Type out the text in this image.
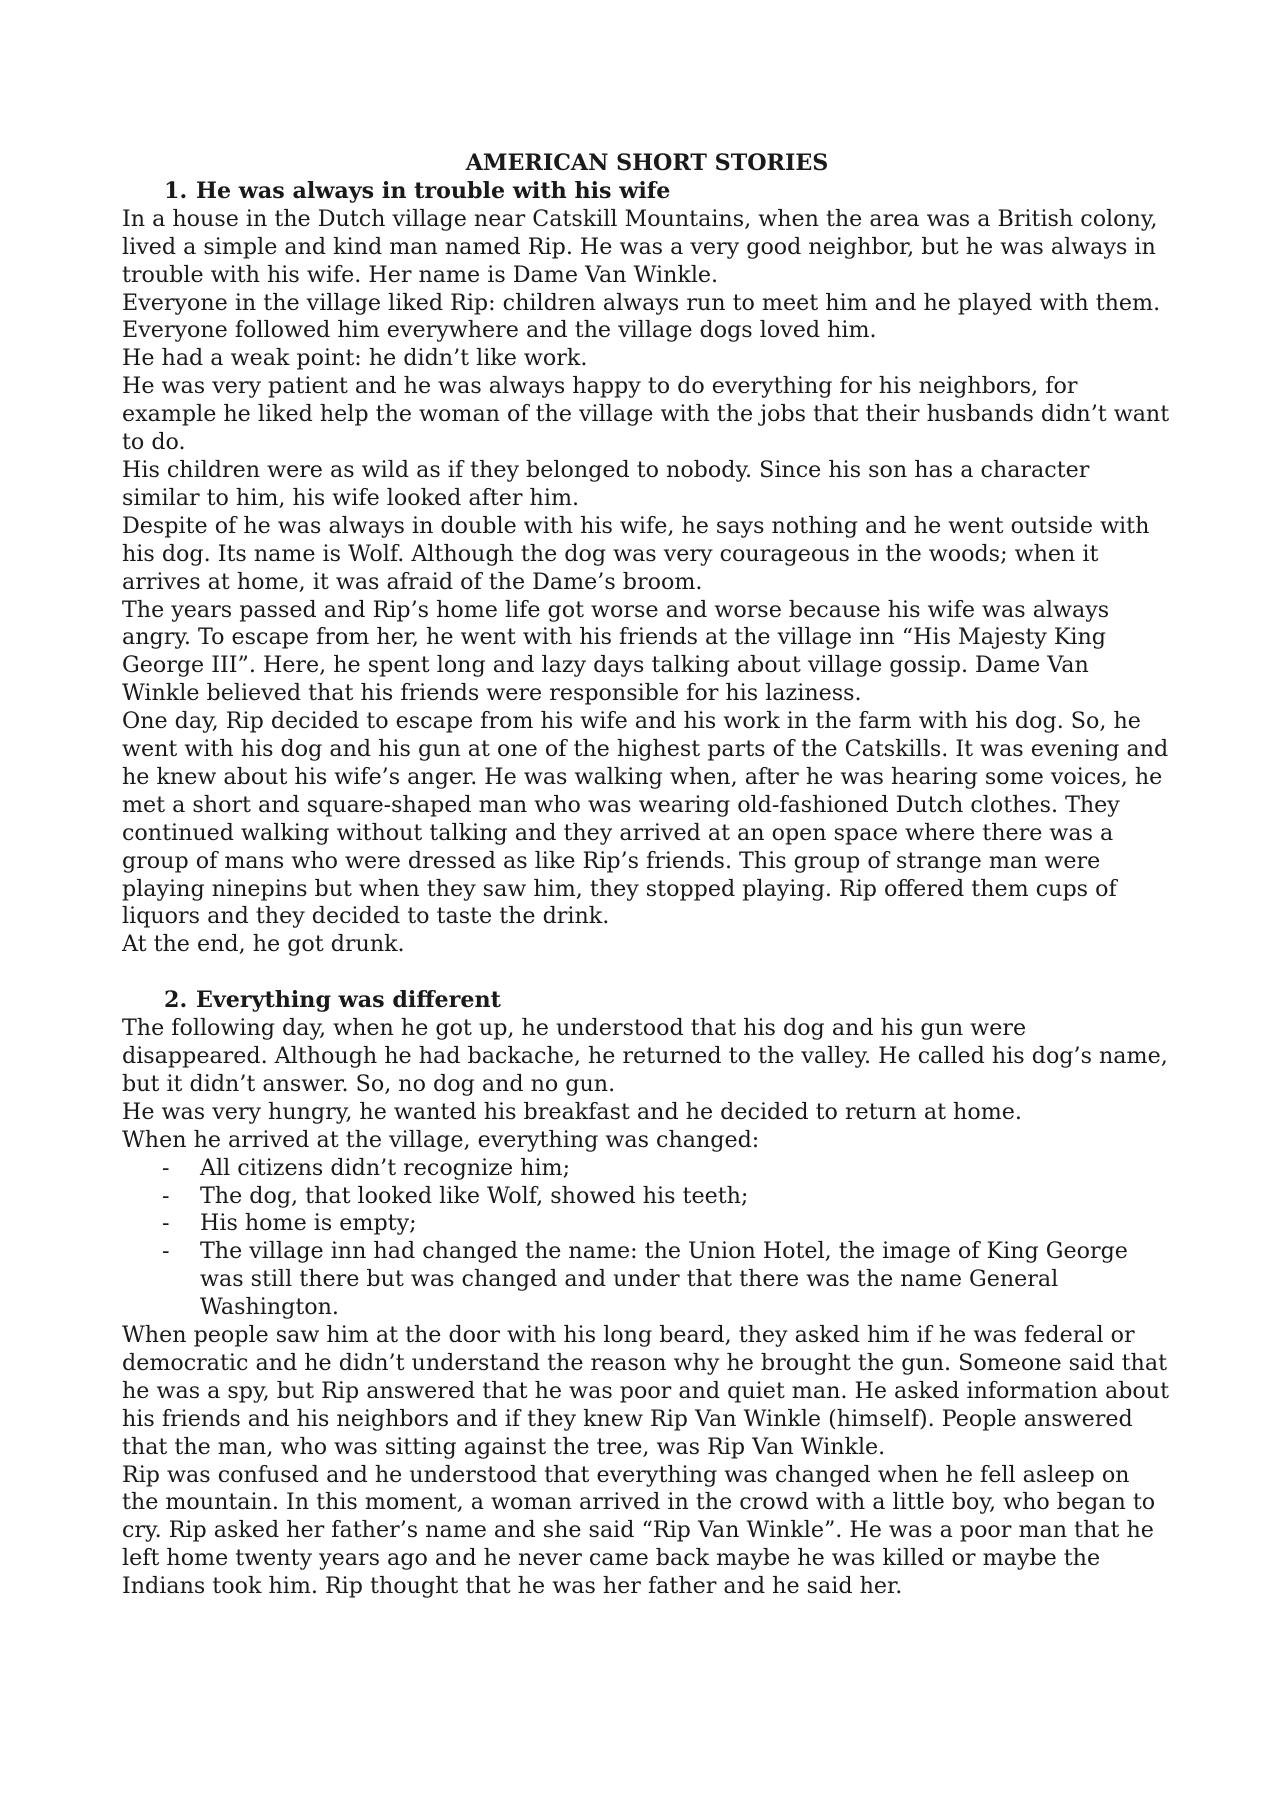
AMERICAN SHORT STORIES

1. He was always in trouble with his wife

In a house in the Dutch village near Catskill Mountains, when the area was a British colony, lived a simple and kind man named Rip. He was a very good neighbor, but he was always in trouble with his wife. Her name is Dame Van Winkle.

Everyone in the village liked Rip: children always run to meet him and he played with them. Everyone followed him everywhere and the village dogs loved him.

He had a weak point: he didn’t like work.

He was very patient and he was always happy to do everything for his neighbors, for example he liked help the woman of the village with the jobs that their husbands didn’t want to do.

His children were as wild as if they belonged to nobody. Since his son has a character similar to him, his wife looked after him.

Despite of he was always in double with his wife, he says nothing and he went outside with his dog. Its name is Wolf. Although the dog was very courageous in the woods; when it arrives at home, it was afraid of the Dame’s broom.

The years passed and Rip’s home life got worse and worse because his wife was always angry. To escape from her, he went with his friends at the village inn “His Majesty King George III”. Here, he spent long and lazy days talking about village gossip. Dame Van Winkle believed that his friends were responsible for his laziness.

One day, Rip decided to escape from his wife and his work in the farm with his dog. So, he went with his dog and his gun at one of the highest parts of the Catskills. It was evening and he knew about his wife’s anger. He was walking when, after he was hearing some voices, he met a short and square-shaped man who was wearing old-fashioned Dutch clothes. They continued walking without talking and they arrived at an open space where there was a group of mans who were dressed as like Rip’s friends. This group of strange man were playing ninepins but when they saw him, they stopped playing. Rip offered them cups of liquors and they decided to taste the drink.

At the end, he got drunk.

2. Everything was different

The following day, when he got up, he understood that his dog and his gun were disappeared. Although he had backache, he returned to the valley. He called his dog’s name, but it didn’t answer. So, no dog and no gun.

He was very hungry, he wanted his breakfast and he decided to return at home.

When he arrived at the village, everything was changed:

- All citizens didn’t recognize him;
- The dog, that looked like Wolf, showed his teeth;
- His home is empty;
- The village inn had changed the name: the Union Hotel, the image of King George was still there but was changed and under that there was the name General Washington.

When people saw him at the door with his long beard, they asked him if he was federal or democratic and he didn’t understand the reason why he brought the gun. Someone said that he was a spy, but Rip answered that he was poor and quiet man. He asked information about his friends and his neighbors and if they knew Rip Van Winkle (himself). People answered that the man, who was sitting against the tree, was Rip Van Winkle.

Rip was confused and he understood that everything was changed when he fell asleep on the mountain. In this moment, a woman arrived in the crowd with a little boy, who began to cry. Rip asked her father’s name and she said “Rip Van Winkle”. He was a poor man that he left home twenty years ago and he never came back maybe he was killed or maybe the Indians took him. Rip thought that he was her father and he said her.
